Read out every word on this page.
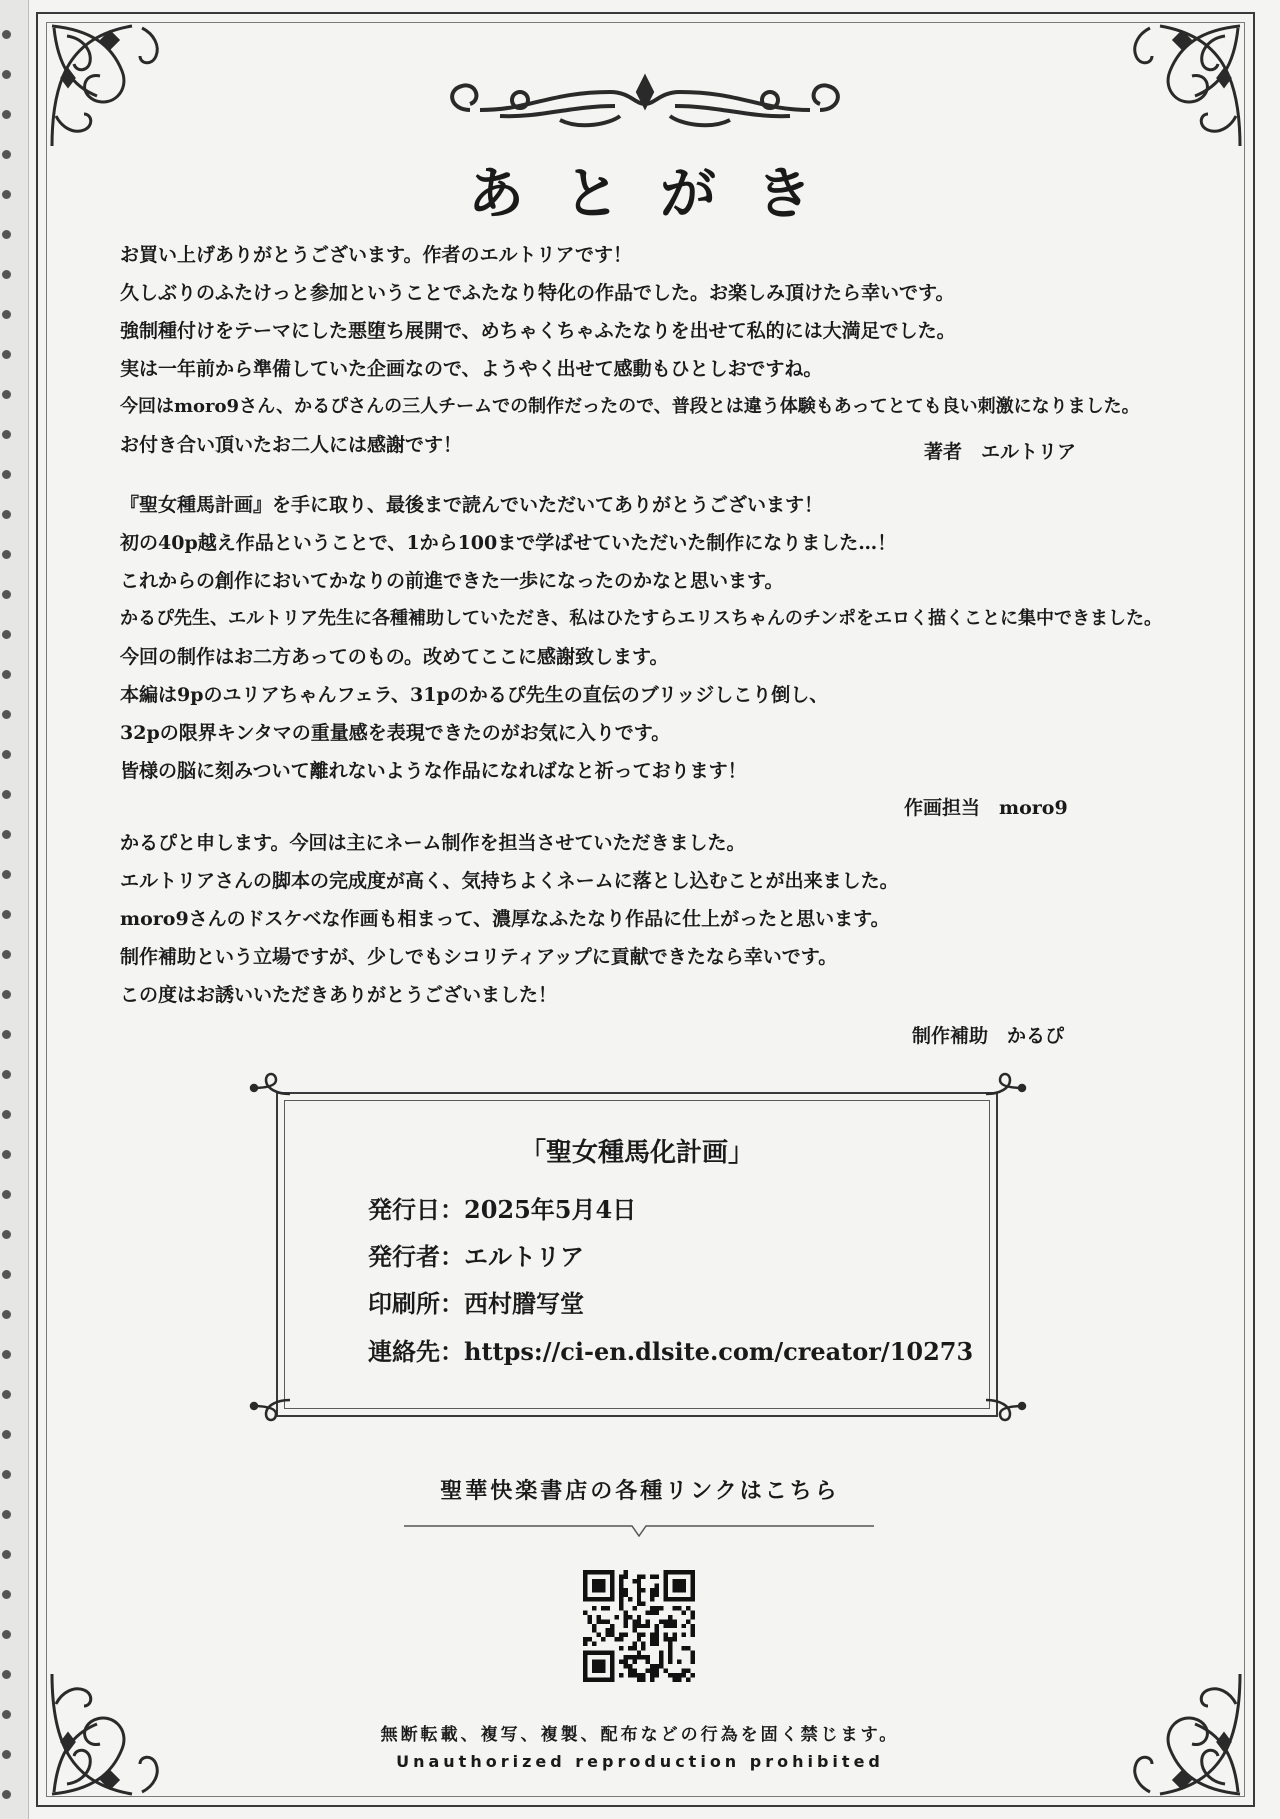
あとがき
お買い上げありがとうございます。作者のエルトリアです！
久しぶりのふたけっと参加ということでふたなり特化の作品でした。お楽しみ頂けたら幸いです。
強制種付けをテーマにした悪堕ち展開で、めちゃくちゃふたなりを出せて私的には大満足でした。
実は一年前から準備していた企画なので、ようやく出せて感動もひとしおですね。
今回はmoro9さん、かるぴさんの三人チームでの制作だったので、普段とは違う体験もあってとても良い刺激になりました。
お付き合い頂いたお二人には感謝です！	著者　エルトリア
『聖女種馬計画』を手に取り、最後まで読んでいただいてありがとうございます！
初の40p越え作品ということで、1から100まで学ばせていただいた制作になりました…！
これからの創作においてかなりの前進できた一歩になったのかなと思います。
かるぴ先生、エルトリア先生に各種補助していただき、私はひたすらエリスちゃんのチンポをエロく描くことに集中できました。
今回の制作はお二方あってのもの。改めてここに感謝致します。
本編は9pのユリアちゃんフェラ、31pのかるぴ先生の直伝のブリッジしこり倒し、
32pの限界キンタマの重量感を表現できたのがお気に入りです。
皆様の脳に刻みついて離れないような作品になればなと祈っております！
作画担当　moro9
かるぴと申します。今回は主にネーム制作を担当させていただきました。
エルトリアさんの脚本の完成度が高く、気持ちよくネームに落とし込むことが出来ました。
moro9さんのドスケベな作画も相まって、濃厚なふたなり作品に仕上がったと思います。
制作補助という立場ですが、少しでもシコリティアップに貢献できたなら幸いです。
この度はお誘いいただきありがとうございました！
制作補助　かるぴ
「聖女種馬化計画」
発行日：2025年5月4日
発行者：エルトリア
印刷所：西村謄写堂
連絡先：https://ci-en.dlsite.com/creator/10273
聖華快楽書店の各種リンクはこちら
無断転載、複写、複製、配布などの行為を固く禁じます。
Unauthorized reproduction prohibited
